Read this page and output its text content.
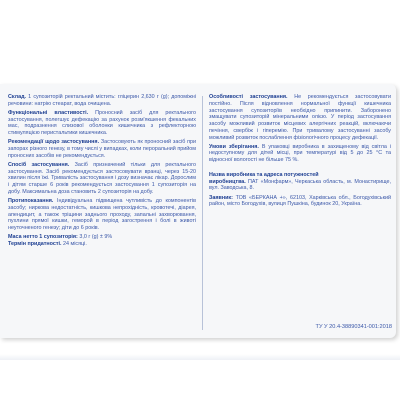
Склад. 1 супозиторій ректальний містить: гліцерин 2,630 г (g); допоміжні речовини: натрію стеарат, вода очищена.

Функціональні властивості. Проносний засіб для ректального застосування, полегшує дефекацію за рахунок розм'якшення фекальних мас, подразнення слизової оболонки кишечника з рефлекторною стимуляцією перистальтики кишечника.

Рекомендації щодо застосування. Застосовують як проносний засіб при запорах різного генезу, в тому числі у випадках, коли пероральний прийом проносних засобів не рекомендується.

Спосіб застосування. Засіб призначений тільки для ректального застосування. Засіб рекомендується застосовувати вранці, через 15-20 хвилин після їжі. Тривалість застосування і дозу визначає лікар. Дорослим і дітям старше 6 років рекомендується застосування 1 супозиторія на добу. Максимальна доза становить 2 супозиторія на добу.

Протипоказання. Індивідуальна підвищена чутливість до компонентів засобу; нирковa недостатність, кишкова непрохідність, кровотечі, діарея, апендицит, а також тріщини заднього проходу, запальні захворювання, пухлини прямої кишки, геморой в період загострення і болі в животі неуточненого генезу; діти до 6 років.

Маса нетто 1 супозиторія: 3,0 г (g) ± 9%

Термін придатності. 24 місяці.

Особливості застосування. Не рекомендується застосовувати постійно. Після відновлення нормальної функції кишечника застосування супозиторіїв необхідно припинити. Заборонено змащувати супозиторій мінеральними олією. У період застосування засобу можливий розвиток місцевих алергічних реакцій, включаючи печіння, свербіж і гіперемію. При тривалому застосуванні засобу можливий розвиток послаблення фізіологічного процесу дефекації.

Умови зберігання. В упаковці виробника в захищеному від світла і недоступному для дітей місці, при температурі від 5 до 25 °С та відносної вологості не більше 75 %.

Назва виробника та адреса потужностей
виробництва. ПАТ «Монфарм», Черкаська область, м. Монастирище, вул. Заводська, 8.

Заявник: ТОВ «БЕРКАНА +», 62103, Харківська обл., Богодухівський район, місто Богодухів, вулиця Пушкіна, будинок 20, Україна.

ТУ У 20.4-38890341-001:2018
